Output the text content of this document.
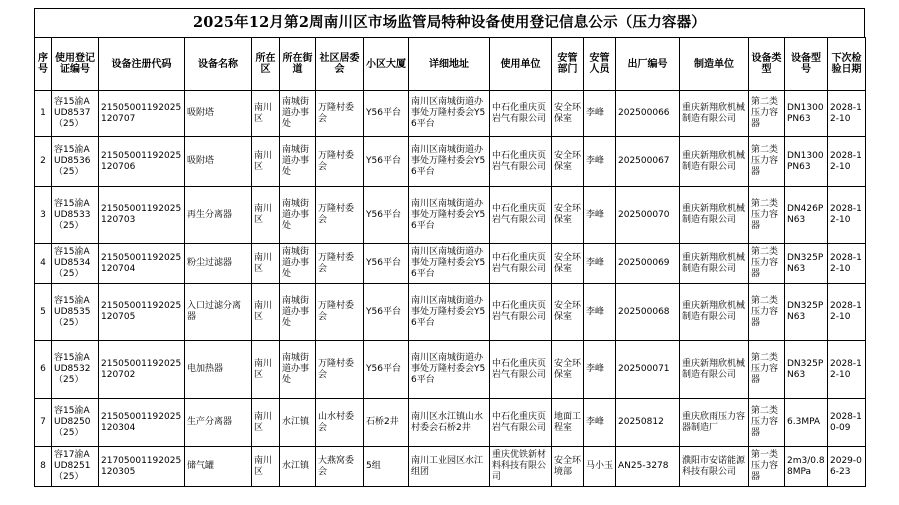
2025年12月第2周南川区市场监管局特种设备使用登记信息公示（压力容器）
序号	使用登记证编号	设备注册代码	设备名称	所在区	所在街道	社区居委会	小区大厦	详细地址	使用单位	安管部门	安管人员	出厂编号	制造单位	设备类型	设备型号	下次检验日期
1	容15渝AUD8537（25）	21505001192025120707	吸附塔	南川区	南城街道办事处	万隆村委会	Y56平台	南川区南城街道办事处万隆村委会Y56平台	中石化重庆页岩气有限公司	安全环保室	李峰	202500066	重庆新翔欣机械制造有限公司	第二类压力容器	DN1300PN63	2028-12-10
2	容15渝AUD8536（25）	21505001192025120706	吸附塔	南川区	南城街道办事处	万隆村委会	Y56平台	南川区南城街道办事处万隆村委会Y56平台	中石化重庆页岩气有限公司	安全环保室	李峰	202500067	重庆新翔欣机械制造有限公司	第二类压力容器	DN1300PN63	2028-12-10
3	容15渝AUD8533（25）	21505001192025120703	再生分离器	南川区	南城街道办事处	万隆村委会	Y56平台	南川区南城街道办事处万隆村委会Y56平台	中石化重庆页岩气有限公司	安全环保室	李峰	202500070	重庆新翔欣机械制造有限公司	第二类压力容器	DN426PN63	2028-12-10
4	容15渝AUD8534（25）	21505001192025120704	粉尘过滤器	南川区	南城街道办事处	万隆村委会	Y56平台	南川区南城街道办事处万隆村委会Y56平台	中石化重庆页岩气有限公司	安全环保室	李峰	202500069	重庆新翔欣机械制造有限公司	第二类压力容器	DN325PN63	2028-12-10
5	容15渝AUD8535（25）	21505001192025120705	入口过滤分离器	南川区	南城街道办事处	万隆村委会	Y56平台	南川区南城街道办事处万隆村委会Y56平台	中石化重庆页岩气有限公司	安全环保室	李峰	202500068	重庆新翔欣机械制造有限公司	第二类压力容器	DN325PN63	2028-12-10
6	容15渝AUD8532（25）	21505001192025120702	电加热器	南川区	南城街道办事处	万隆村委会	Y56平台	南川区南城街道办事处万隆村委会Y56平台	中石化重庆页岩气有限公司	安全环保室	李峰	202500071	重庆新翔欣机械制造有限公司	第二类压力容器	DN325PN63	2028-12-10
7	容15渝AUD8250（25）	21505001192025120304	生产分离器	南川区	水江镇	山水村委会	石桥2井	南川区水江镇山水村委会石桥2井	中石化重庆页岩气有限公司	地面工程室	李峰	20250812	重庆欣雨压力容器制造厂	第二类压力容器	6.3MPA	2028-10-09
8	容17渝AUD8251（25）	21705001192025120305	储气罐	南川区	水江镇	大燕窝委会	5组	南川工业园区水江组团	重庆优铁新材料科技有限公司	安全环境部	马小玉	AN25-3278	濮阳市安诺能源科技有限公司	第一类压力容器	2m3/0.88MPa	2029-06-23
